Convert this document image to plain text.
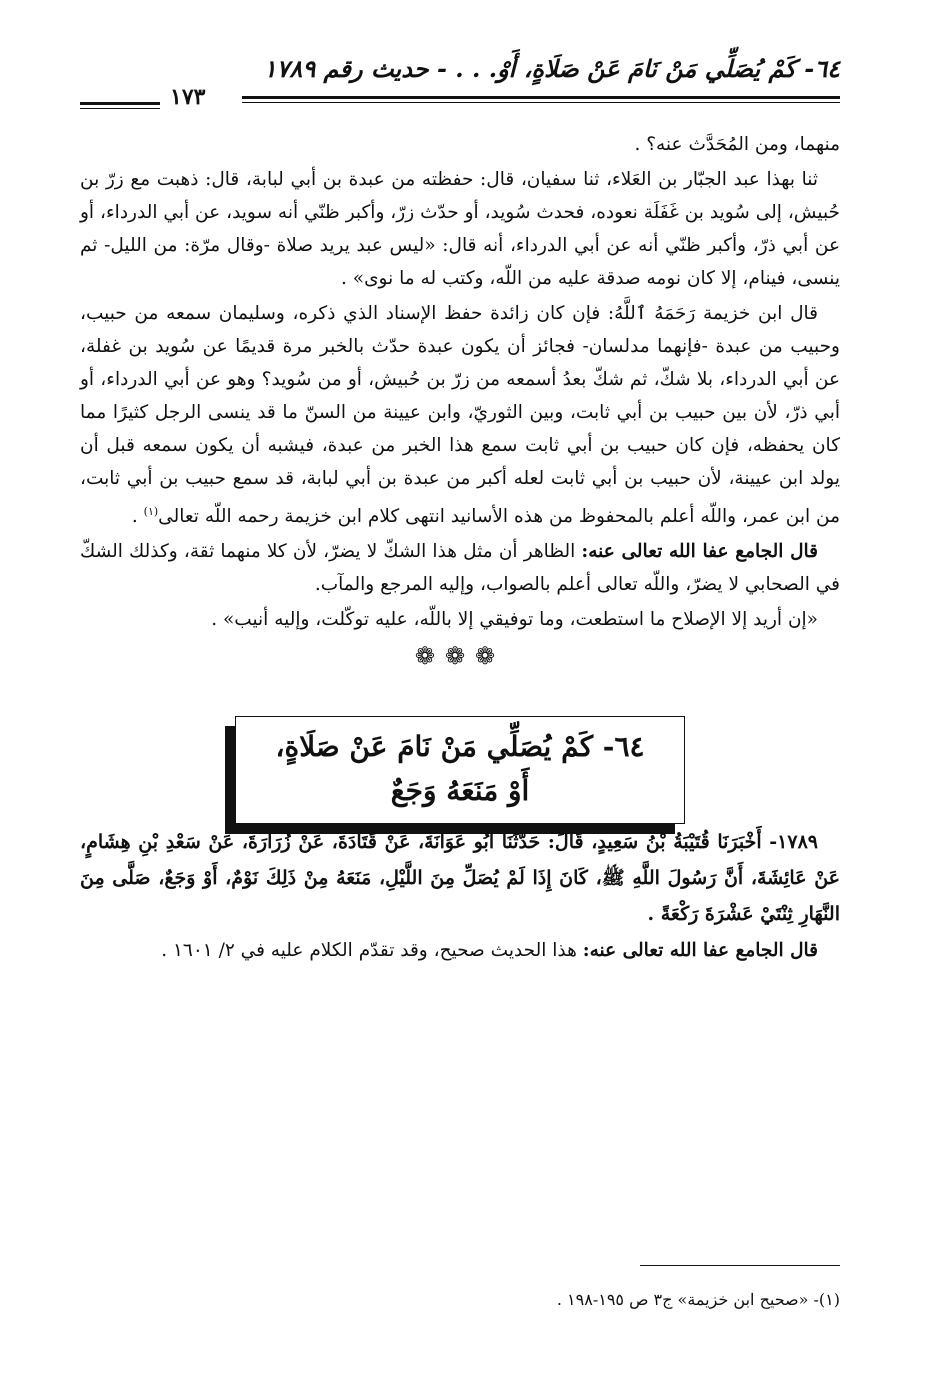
٦٤- كَمْ يُصَلِّي مَنْ نَامَ عَنْ صَلَاةٍ، أَوْ. . . - حديث رقم ١٧٨٩
١٧٣

منهما، ومن المُحَدَّث عنه؟ .

ثنا بهذا عبد الجبّار بن العَلاء، ثنا سفيان، قال: حفظته من عبدة بن أبي لبابة، قال: ذهبت مع زرّ بن حُبيش، إلى سُويد بن غَفَلَة نعوده، فحدث سُويد، أو حدّث زرّ، وأكبر ظنّي أنه سويد، عن أبي الدرداء، أو عن أبي ذرّ، وأكبر ظنّي أنه عن أبي الدرداء، أنه قال: «ليس عبد يريد صلاة -وقال مرّة: من الليل- ثم ينسى، فينام، إلا كان نومه صدقة عليه من اللّه، وكتب له ما نوى» .

قال ابن خزيمة رَحَمَهُ ٱللَّهُ: فإن كان زائدة حفظ الإسناد الذي ذكره، وسليمان سمعه من حبيب، وحبيب من عبدة -فإنهما مدلسان- فجائز أن يكون عبدة حدّث بالخبر مرة قديمًا عن سُويد بن غفلة، عن أبي الدرداء، بلا شكّ، ثم شكّ بعدُ أسمعه من زرّ بن حُبيش، أو من سُويد؟ وهو عن أبي الدرداء، أو أبي ذرّ، لأن بين حبيب بن أبي ثابت، وبين الثوريّ، وابن عيينة من السنّ ما قد ينسى الرجل كثيرًا مما كان يحفظه، فإن كان حبيب بن أبي ثابت سمع هذا الخبر من عبدة، فيشبه أن يكون سمعه قبل أن يولد ابن عيينة، لأن حبيب بن أبي ثابت لعله أكبر من عبدة بن أبي لبابة، قد سمع حبيب بن أبي ثابت، من ابن عمر، واللّه أعلم بالمحفوظ من هذه الأسانيد انتهى كلام ابن خزيمة رحمه اللّه تعالى$^{(١)}$ .

قال الجامع عفا الله تعالى عنه: الظاهر أن مثل هذا الشكّ لا يضرّ، لأن كلا منهما ثقة، وكذلك الشكّ في الصحابي لا يضرّ، واللّه تعالى أعلم بالصواب، وإليه المرجع والمآب.

«إن أريد إلا الإصلاح ما استطعت، وما توفيقي إلا باللّه، عليه توكّلت، وإليه أنيب» .

❁❁❁
٦٤- كَمْ يُصَلِّي مَنْ نَامَ عَنْ صَلَاةٍ،
أَوْ مَنَعَهُ وَجَعٌ

١٧٨٩- أَخْبَرَنَا قُتَيْبَةُ بْنُ سَعِيدٍ، قَالَ: حَدَّثَنَا أَبُو عَوَانَةَ، عَنْ قَتَادَةَ، عَنْ زُرَارَةَ، عَنْ سَعْدِ بْنِ هِشَامٍ، عَنْ عَائِشَةَ، أَنَّ رَسُولَ اللَّهِ ﷺ، كَانَ إِذَا لَمْ يُصَلِّ مِنَ اللَّيْلِ، مَنَعَهُ مِنْ ذَلِكَ نَوْمٌ، أَوْ وَجَعٌ، صَلَّى مِنَ النَّهَارِ ثِنْتَيْ عَشْرَةَ رَكْعَةً .

قال الجامع عفا الله تعالى عنه: هذا الحديث صحيح، وقد تقدّم الكلام عليه في ٢/ ١٦٠١ .

(١)- «صحيح ابن خزيمة» ج٣ ص ١٩٥-١٩٨ .
